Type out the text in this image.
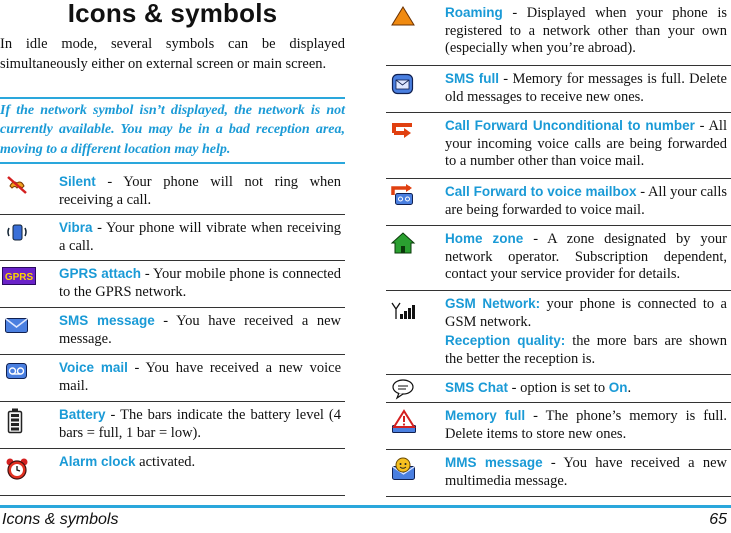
Icons & symbols

In idle mode, several symbols can be displayed simultaneously either on external screen or main screen.

If the network symbol isn’t displayed, the network is not currently available. You may be in a bad reception area, moving to a different location may help.

Silent - Your phone will not ring when receiving a call.
Vibra - Your phone will vibrate when receiving a call.
GPRS GPRS attach - Your mobile phone is connected to the GPRS network.
SMS message - You have received a new message.
Voice mail - You have received a new voice mail.
Battery - The bars indicate the battery level (4 bars = full, 1 bar = low).
Alarm clock activated.
Roaming - Displayed when your phone is registered to a network other than your own (especially when you’re abroad).
SMS full - Memory for messages is full. Delete old messages to receive new ones.
Call Forward Unconditional to number - All your incoming voice calls are being forwarded to a number other than voice mail.
Call Forward to voice mailbox - All your calls are being forwarded to voice mail.
Home zone - A zone designated by your network operator. Subscription dependent, contact your service provider for details.
GSM Network: your phone is connected to a GSM network.
Reception quality: the more bars are shown the better the reception is.
SMS Chat - option is set to On.
Memory full - The phone’s memory is full. Delete items to store new ones.
MMS message - You have received a new multimedia message.
Icons & symbols	65
